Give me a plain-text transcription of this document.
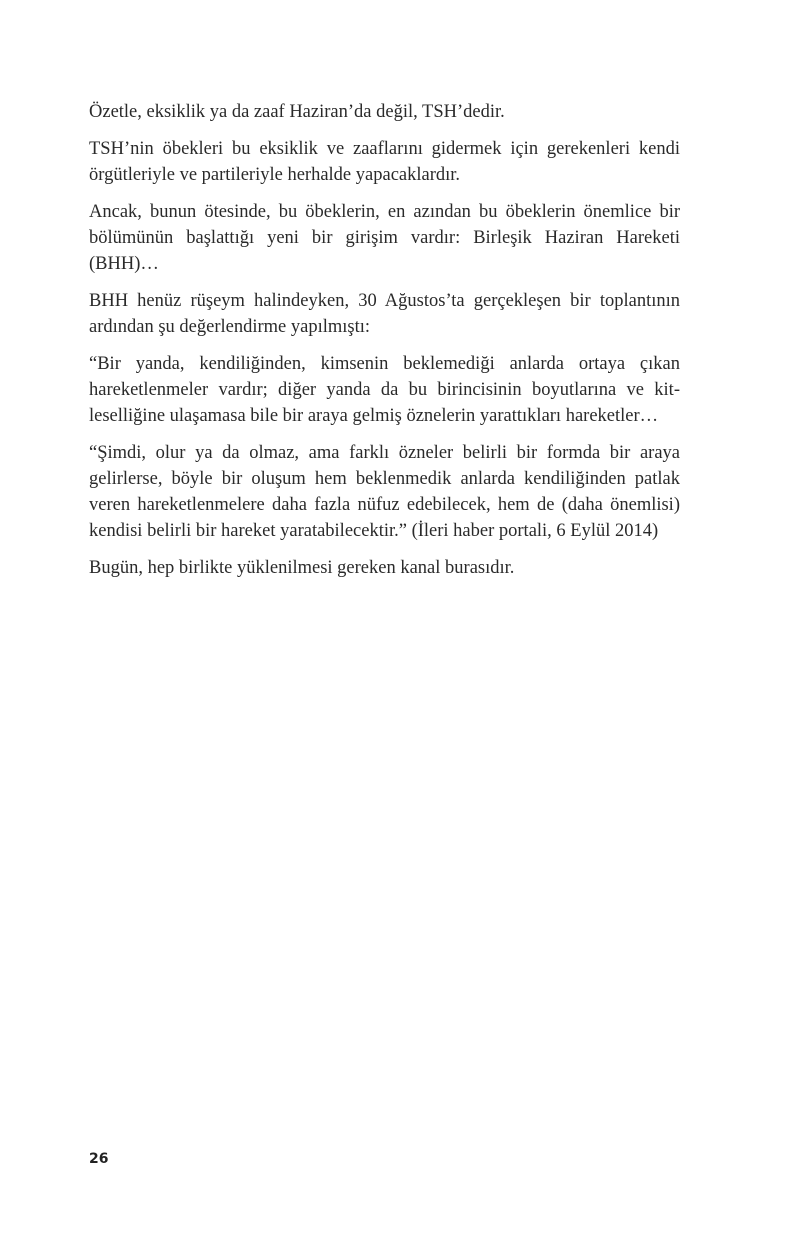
Özetle, eksiklik ya da zaaf Haziran’da değil, TSH’dedir.

TSH’nin öbekleri bu eksiklik ve zaaflarını gidermek için gerekenleri kendi örgütleriyle ve partileriyle herhalde yapacaklardır.

Ancak, bunun ötesinde, bu öbeklerin, en azından bu öbeklerin önemlice bir bölümünün başlattığı yeni bir girişim vardır: Birleşik Haziran Hareketi (BHH)…

BHH henüz rüşeym halindeyken, 30 Ağustos’ta gerçekleşen bir toplantının ardından şu değerlendirme yapılmıştı:

“Bir yanda, kendiliğinden, kimsenin beklemediği anlarda ortaya çıkan hareketlenmeler vardır; diğer yanda da bu birincisinin boyutlarına ve kitleselliğine ulaşamasa bile bir araya gelmiş öznelerin yarattıkları hareketler…

“Şimdi, olur ya da olmaz, ama farklı özneler belirli bir formda bir araya gelirlerse, böyle bir oluşum hem beklenmedik anlarda kendiliğinden patlak veren hareketlenmelere daha fazla nüfuz edebilecek, hem de (daha önemlisi) kendisi belirli bir hareket yaratabilecektir.” (İleri haber portali, 6 Eylül 2014)

Bugün, hep birlikte yüklenilmesi gereken kanal burasıdır.

26
